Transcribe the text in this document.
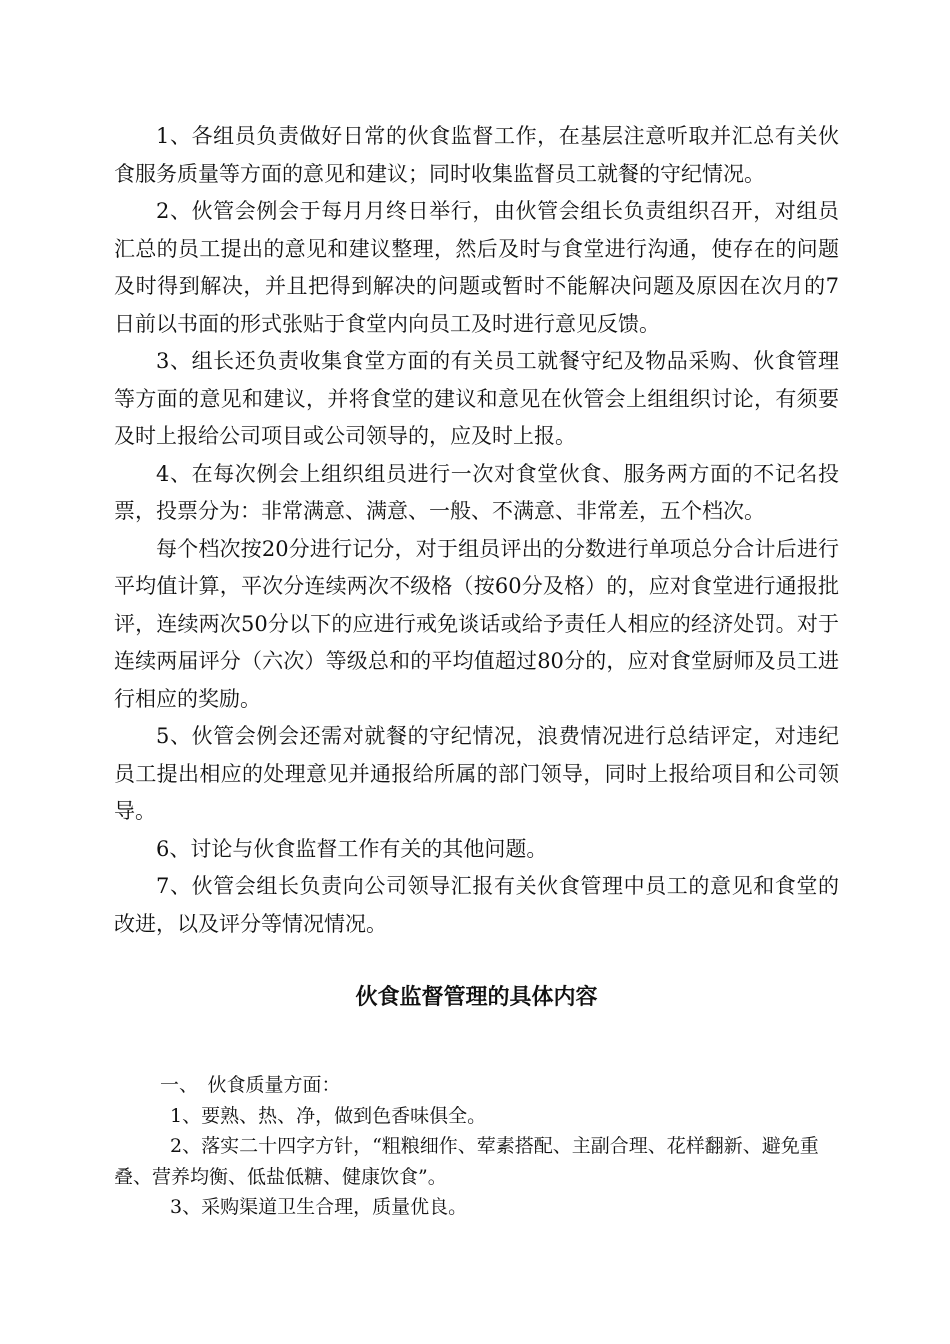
1、各组员负责做好日常的伙食监督工作，在基层注意听取并汇总有关伙食服务质量等方面的意见和建议；同时收集监督员工就餐的守纪情况。

2、伙管会例会于每月月终日举行，由伙管会组长负责组织召开，对组员汇总的员工提出的意见和建议整理，然后及时与食堂进行沟通，使存在的问题及时得到解决，并且把得到解决的问题或暂时不能解决问题及原因在次月的7日前以书面的形式张贴于食堂内向员工及时进行意见反馈。

3、组长还负责收集食堂方面的有关员工就餐守纪及物品采购、伙食管理等方面的意见和建议，并将食堂的建议和意见在伙管会上组组织讨论，有须要及时上报给公司项目或公司领导的，应及时上报。

4、在每次例会上组织组员进行一次对食堂伙食、服务两方面的不记名投票，投票分为：非常满意、满意、一般、不满意、非常差，五个档次。

每个档次按20分进行记分，对于组员评出的分数进行单项总分合计后进行平均值计算，平次分连续两次不级格（按60分及格）的，应对食堂进行通报批评，连续两次50分以下的应进行戒免谈话或给予责任人相应的经济处罚。对于连续两届评分（六次）等级总和的平均值超过80分的，应对食堂厨师及员工进行相应的奖励。

5、伙管会例会还需对就餐的守纪情况，浪费情况进行总结评定，对违纪员工提出相应的处理意见并通报给所属的部门领导，同时上报给项目和公司领导。

6、讨论与伙食监督工作有关的其他问题。

7、伙管会组长负责向公司领导汇报有关伙食管理中员工的意见和食堂的改进，以及评分等情况情况。

伙食监督管理的具体内容

一、　伙食质量方面：

1、要熟、热、净，做到色香味俱全。

2、落实二十四字方针，“粗粮细作、荤素搭配、主副合理、花样翻新、避免重叠、营养均衡、低盐低糖、健康饮食”。

3、采购渠道卫生合理，质量优良。
